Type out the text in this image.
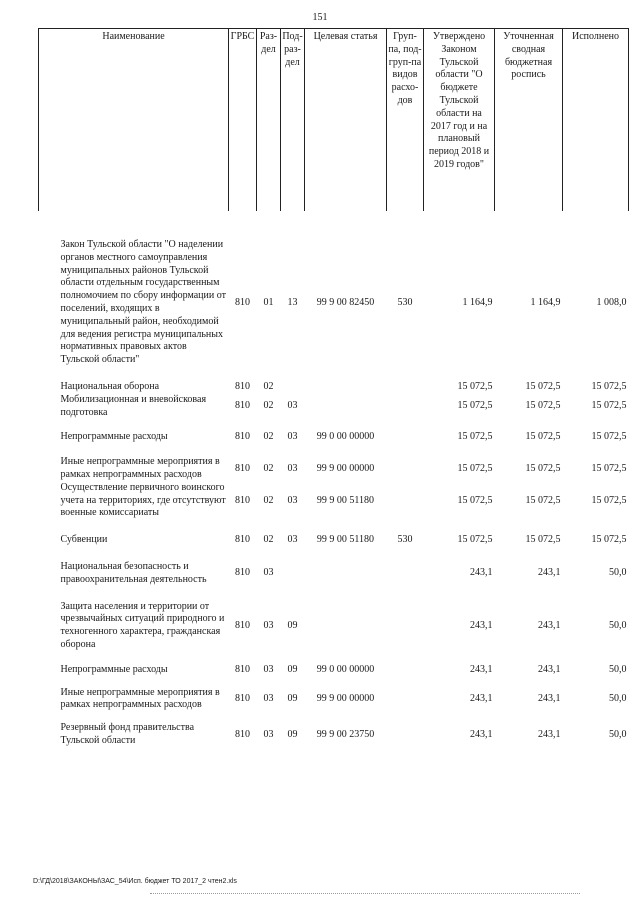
151
Наименование	ГРБС	Раз-дел	Под-раз-дел	Целевая статья	Груп-па, под-груп-па видов расхо-дов	Утверждено Законом Тульской области "О бюджете Тульской области на 2017 год и на плановый период 2018 и 2019 годов"	Уточненная сводная бюджетная роспись	Исполнено

Закон Тульской области "О наделении органов местного самоуправления муниципальных районов Тульской области отдельным государственным полномочием по сбору информации от поселений, входящих в муниципальный район, необходимой для ведения регистра муниципальных нормативных правовых актов Тульской области"	810	01	13	99 9 00 82450	530	1 164,9	1 164,9	1 008,0

Национальная оборона	810	02				15 072,5	15 072,5	15 072,5
Мобилизационная и вневойсковая подготовка	810	02	03			15 072,5	15 072,5	15 072,5

Непрограммные расходы	810	02	03	99 0 00 00000		15 072,5	15 072,5	15 072,5

Иные непрограммные мероприятия в рамках непрограммных расходов	810	02	03	99 9 00 00000		15 072,5	15 072,5	15 072,5
Осуществление первичного воинского учета на территориях, где отсутствуют военные комиссариаты	810	02	03	99 9 00 51180		15 072,5	15 072,5	15 072,5

Субвенции	810	02	03	99 9 00 51180	530	15 072,5	15 072,5	15 072,5

Национальная безопасность и правоохранительная деятельность	810	03				243,1	243,1	50,0

Защита населения и территории от чрезвычайных ситуаций природного и техногенного характера, гражданская оборона	810	03	09			243,1	243,1	50,0

Непрограммные расходы	810	03	09	99 0 00 00000		243,1	243,1	50,0

Иные непрограммные мероприятия в рамках непрограммных расходов	810	03	09	99 9 00 00000		243,1	243,1	50,0

Резервный фонд правительства Тульской области	810	03	09	99 9 00 23750		243,1	243,1	50,0
D:\ГД\2018\ЗАКОНЫ\ЗАС_54\Исп. бюджет ТО 2017_2 чтен2.xls
